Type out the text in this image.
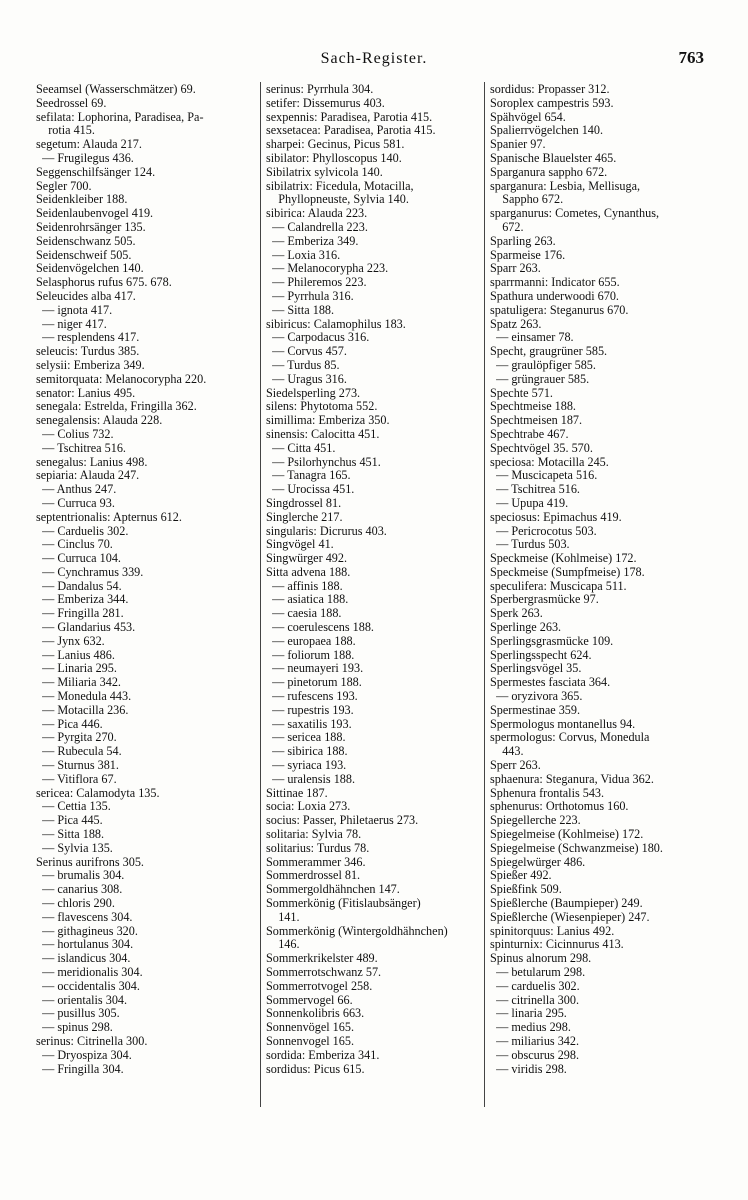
Sach-Register.	763
Seeamsel (Wasserschmätzer) 69.
Seedrossel 69.
sefilata: Lophorina, Paradisea, Pa-
rotia 415.
segetum: Alauda 217.
— Frugilegus 436.
Seggenschilfsänger 124.
Segler 700.
Seidenkleiber 188.
Seidenlaubenvogel 419.
Seidenrohrsänger 135.
Seidenschwanz 505.
Seidenschweif 505.
Seidenvögelchen 140.
Selasphorus rufus 675. 678.
Seleucides alba 417.
— ignota 417.
— niger 417.
— resplendens 417.
seleucis: Turdus 385.
selysii: Emberiza 349.
semitorquata: Melanocorypha 220.
senator: Lanius 495.
senegala: Estrelda, Fringilla 362.
senegalensis: Alauda 228.
— Colius 732.
— Tschitrea 516.
senegalus: Lanius 498.
sepiaria: Alauda 247.
— Anthus 247.
— Curruca 93.
septentrionalis: Apternus 612.
— Carduelis 302.
— Cinclus 70.
— Curruca 104.
— Cynchramus 339.
— Dandalus 54.
— Emberiza 344.
— Fringilla 281.
— Glandarius 453.
— Jynx 632.
— Lanius 486.
— Linaria 295.
— Miliaria 342.
— Monedula 443.
— Motacilla 236.
— Pica 446.
— Pyrgita 270.
— Rubecula 54.
— Sturnus 381.
— Vitiflora 67.
sericea: Calamodyta 135.
— Cettia 135.
— Pica 445.
— Sitta 188.
— Sylvia 135.
Serinus aurifrons 305.
— brumalis 304.
— canarius 308.
— chloris 290.
— flavescens 304.
— githagineus 320.
— hortulanus 304.
— islandicus 304.
— meridionalis 304.
— occidentalis 304.
— orientalis 304.
— pusillus 305.
— spinus 298.
serinus: Citrinella 300.
— Dryospiza 304.
— Fringilla 304.
serinus: Pyrrhula 304.
setifer: Dissemurus 403.
sexpennis: Paradisea, Parotia 415.
sexsetacea: Paradisea, Parotia 415.
sharpei: Gecinus, Picus 581.
sibilator: Phylloscopus 140.
Sibilatrix sylvicola 140.
sibilatrix: Ficedula, Motacilla,
Phyllopneuste, Sylvia 140.
sibirica: Alauda 223.
— Calandrella 223.
— Emberiza 349.
— Loxia 316.
— Melanocorypha 223.
— Phileremos 223.
— Pyrrhula 316.
— Sitta 188.
sibiricus: Calamophilus 183.
— Carpodacus 316.
— Corvus 457.
— Turdus 85.
— Uragus 316.
Siedelsperling 273.
silens: Phytotoma 552.
simillima: Emberiza 350.
sinensis: Calocitta 451.
— Citta 451.
— Psilorhynchus 451.
— Tanagra 165.
— Urocissa 451.
Singdrossel 81.
Singlerche 217.
singularis: Dicrurus 403.
Singvögel 41.
Singwürger 492.
Sitta advena 188.
— affinis 188.
— asiatica 188.
— caesia 188.
— coerulescens 188.
— europaea 188.
— foliorum 188.
— neumayeri 193.
— pinetorum 188.
— rufescens 193.
— rupestris 193.
— saxatilis 193.
— sericea 188.
— sibirica 188.
— syriaca 193.
— uralensis 188.
Sittinae 187.
socia: Loxia 273.
socius: Passer, Philetaerus 273.
solitaria: Sylvia 78.
solitarius: Turdus 78.
Sommerammer 346.
Sommerdrossel 81.
Sommergoldhähnchen 147.
Sommerkönig (Fitislaubsänger)
141.
Sommerkönig (Wintergoldhähnchen)
146.
Sommerkrikelster 489.
Sommerrotschwanz 57.
Sommerrotvogel 258.
Sommervogel 66.
Sonnenkolibris 663.
Sonnenvögel 165.
Sonnenvogel 165.
sordida: Emberiza 341.
sordidus: Picus 615.
sordidus: Propasser 312.
Soroplex campestris 593.
Spähvögel 654.
Spalierrvögelchen 140.
Spanier 97.
Spanische Blauelster 465.
Sparganura sappho 672.
sparganura: Lesbia, Mellisuga,
Sappho 672.
sparganurus: Cometes, Cynanthus,
672.
Sparling 263.
Sparmeise 176.
Sparr 263.
sparrmanni: Indicator 655.
Spathura underwoodi 670.
spatuligera: Steganurus 670.
Spatz 263.
— einsamer 78.
Specht, graugrüner 585.
— graulöpfiger 585.
— grüngrauer 585.
Spechte 571.
Spechtmeise 188.
Spechtmeisen 187.
Spechtrabe 467.
Spechtvögel 35. 570.
speciosa: Motacilla 245.
— Muscicapeta 516.
— Tschitrea 516.
— Upupa 419.
speciosus: Epimachus 419.
— Pericrocotus 503.
— Turdus 503.
Speckmeise (Kohlmeise) 172.
Speckmeise (Sumpfmeise) 178.
speculifera: Muscicapa 511.
Sperbergrasmücke 97.
Sperk 263.
Sperlinge 263.
Sperlingsgrasmücke 109.
Sperlingsspecht 624.
Sperlingsvögel 35.
Spermestes fasciata 364.
— oryzivora 365.
Spermestinae 359.
Spermologus montanellus 94.
spermologus: Corvus, Monedula
443.
Sperr 263.
sphaenura: Steganura, Vidua 362.
Sphenura frontalis 543.
sphenurus: Orthotomus 160.
Spiegellerche 223.
Spiegelmeise (Kohlmeise) 172.
Spiegelmeise (Schwanzmeise) 180.
Spiegelwürger 486.
Spießer 492.
Spießfink 509.
Spießlerche (Baumpieper) 249.
Spießlerche (Wiesenpieper) 247.
spinitorquus: Lanius 492.
spinturnix: Cicinnurus 413.
Spinus alnorum 298.
— betularum 298.
— carduelis 302.
— citrinella 300.
— linaria 295.
— medius 298.
— miliarius 342.
— obscurus 298.
— viridis 298.
